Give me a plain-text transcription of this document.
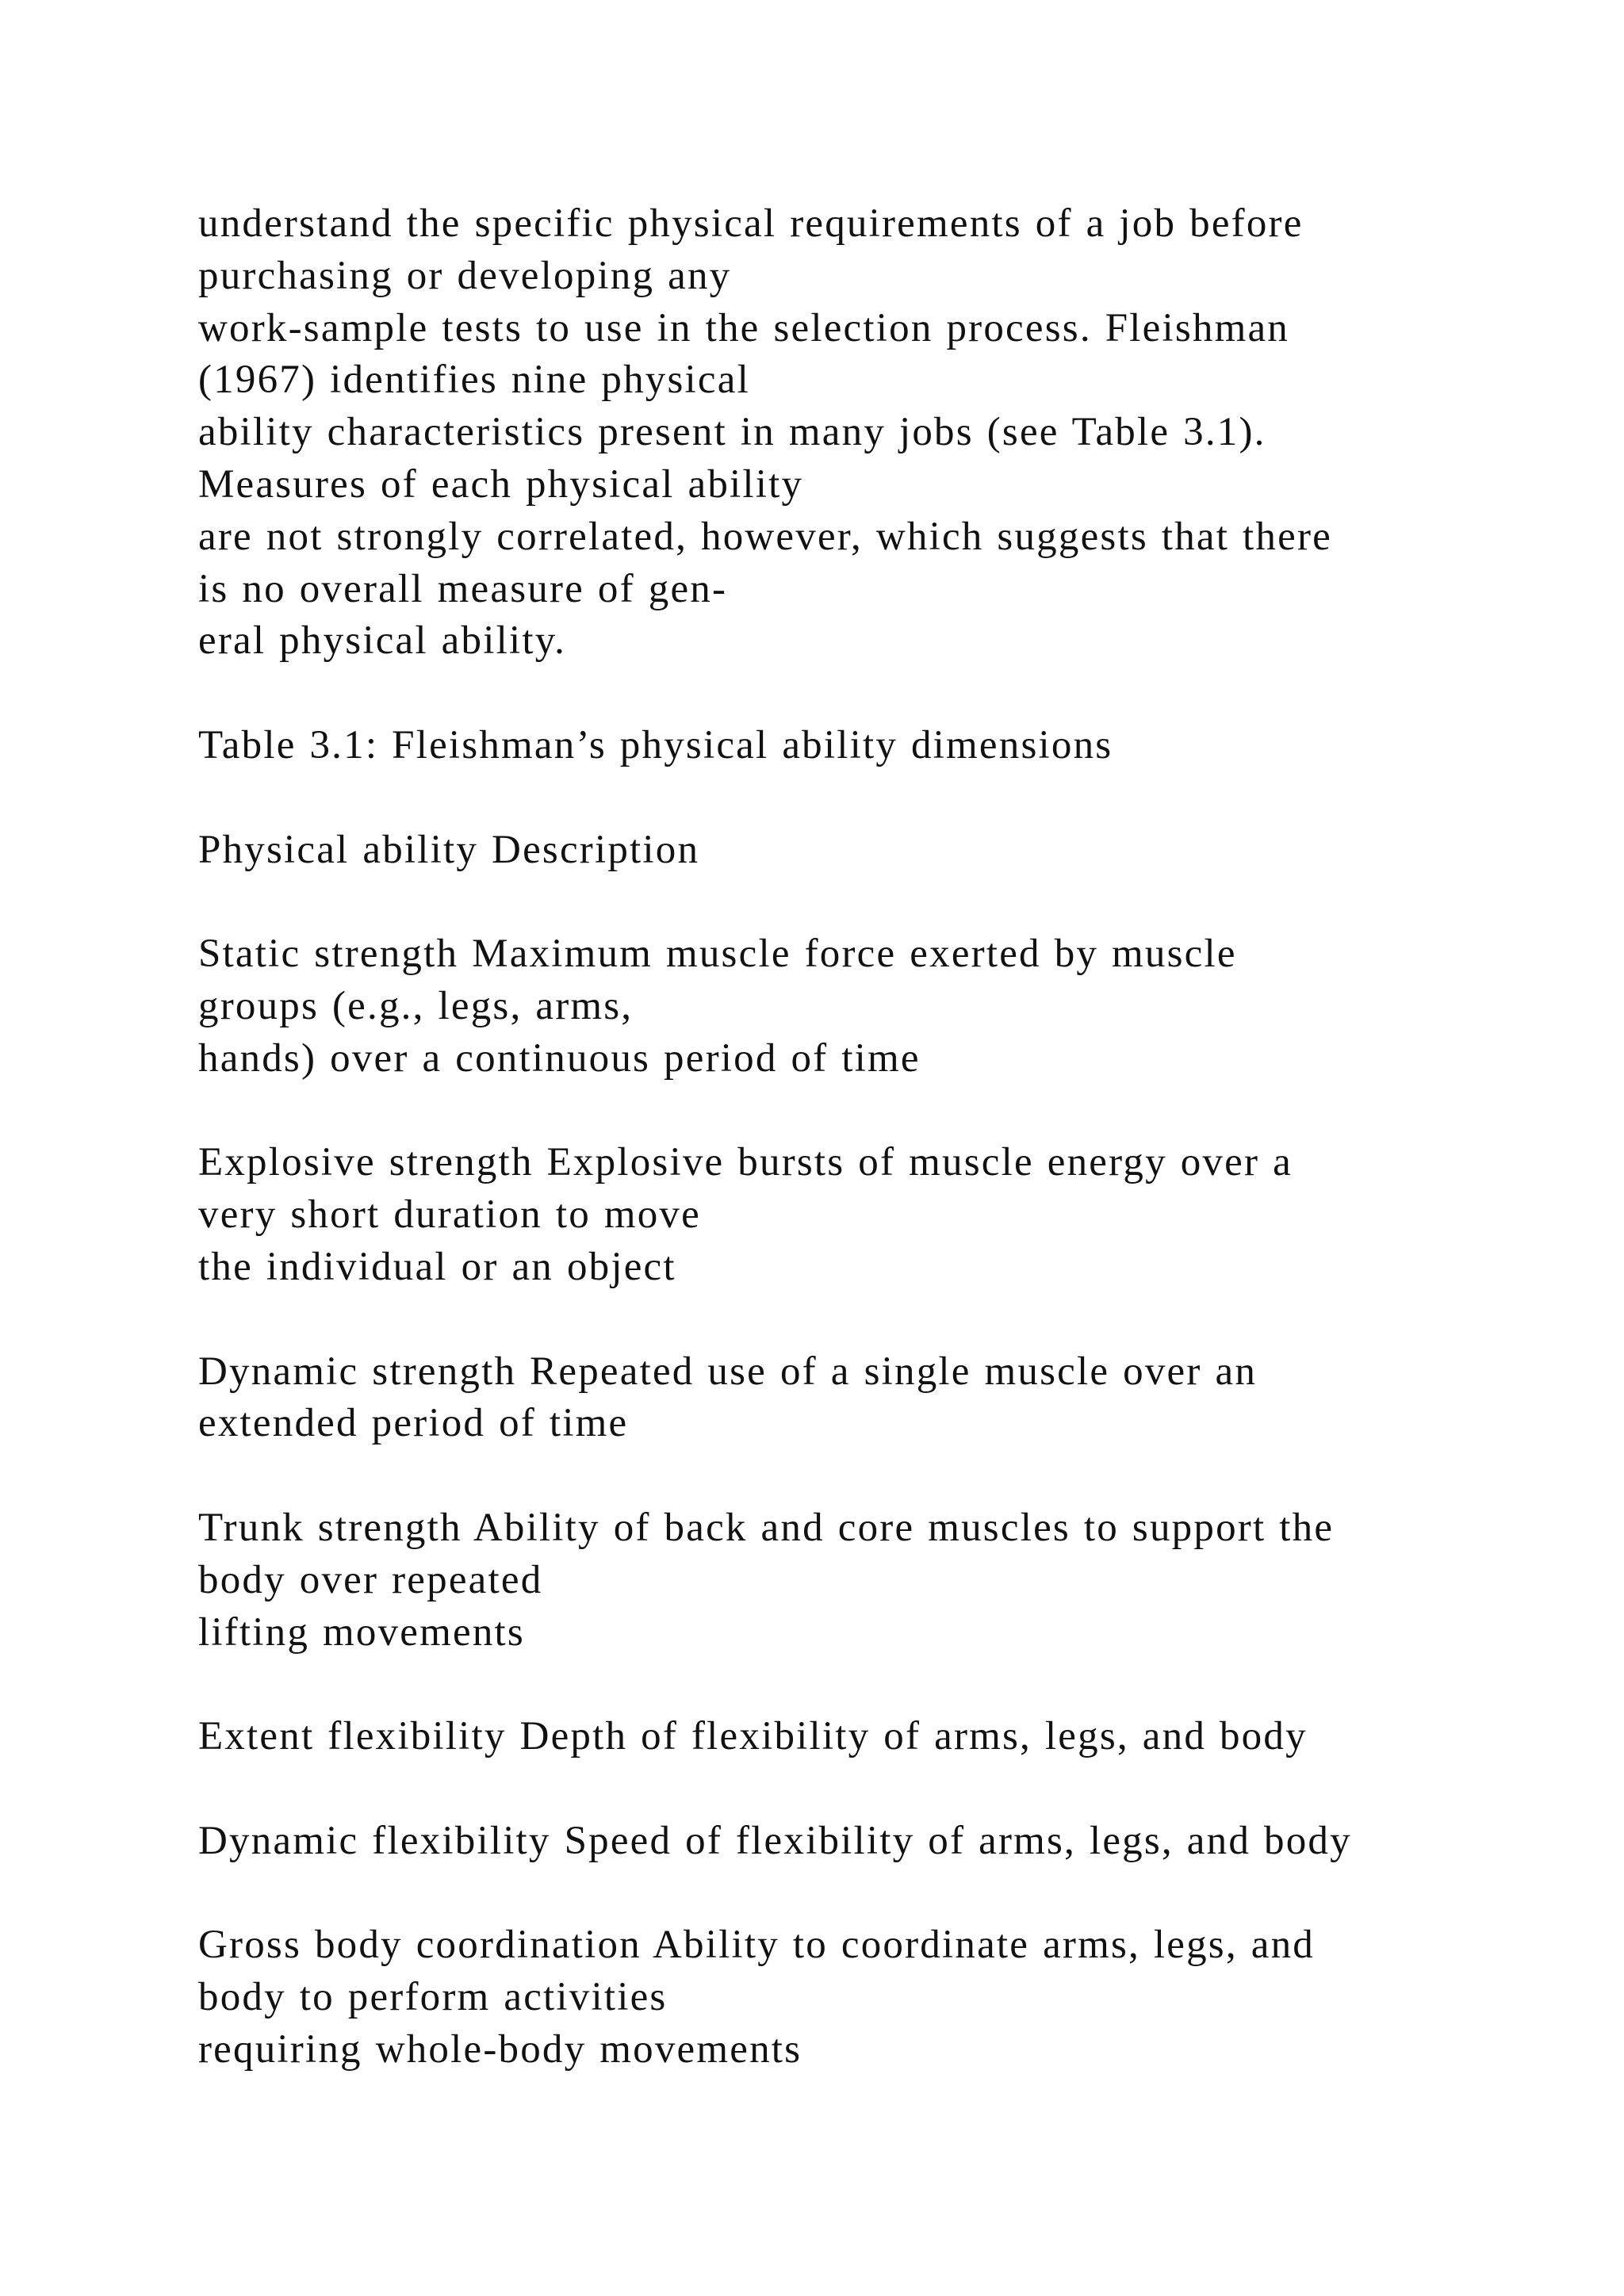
understand the specific physical requirements of a job before
purchasing or developing any
work-sample tests to use in the selection process. Fleishman
(1967) identifies nine physical
ability characteristics present in many jobs (see Table 3.1).
Measures of each physical ability
are not strongly correlated, however, which suggests that there
is no overall measure of gen-
eral physical ability.
Table 3.1: Fleishman’s physical ability dimensions
Physical ability Description
Static strength Maximum muscle force exerted by muscle
groups (e.g., legs, arms,
hands) over a continuous period of time
Explosive strength Explosive bursts of muscle energy over a
very short duration to move
the individual or an object
Dynamic strength Repeated use of a single muscle over an
extended period of time
Trunk strength Ability of back and core muscles to support the
body over repeated
lifting movements
Extent flexibility Depth of flexibility of arms, legs, and body
Dynamic flexibility Speed of flexibility of arms, legs, and body
Gross body coordination Ability to coordinate arms, legs, and
body to perform activities
requiring whole-body movements
